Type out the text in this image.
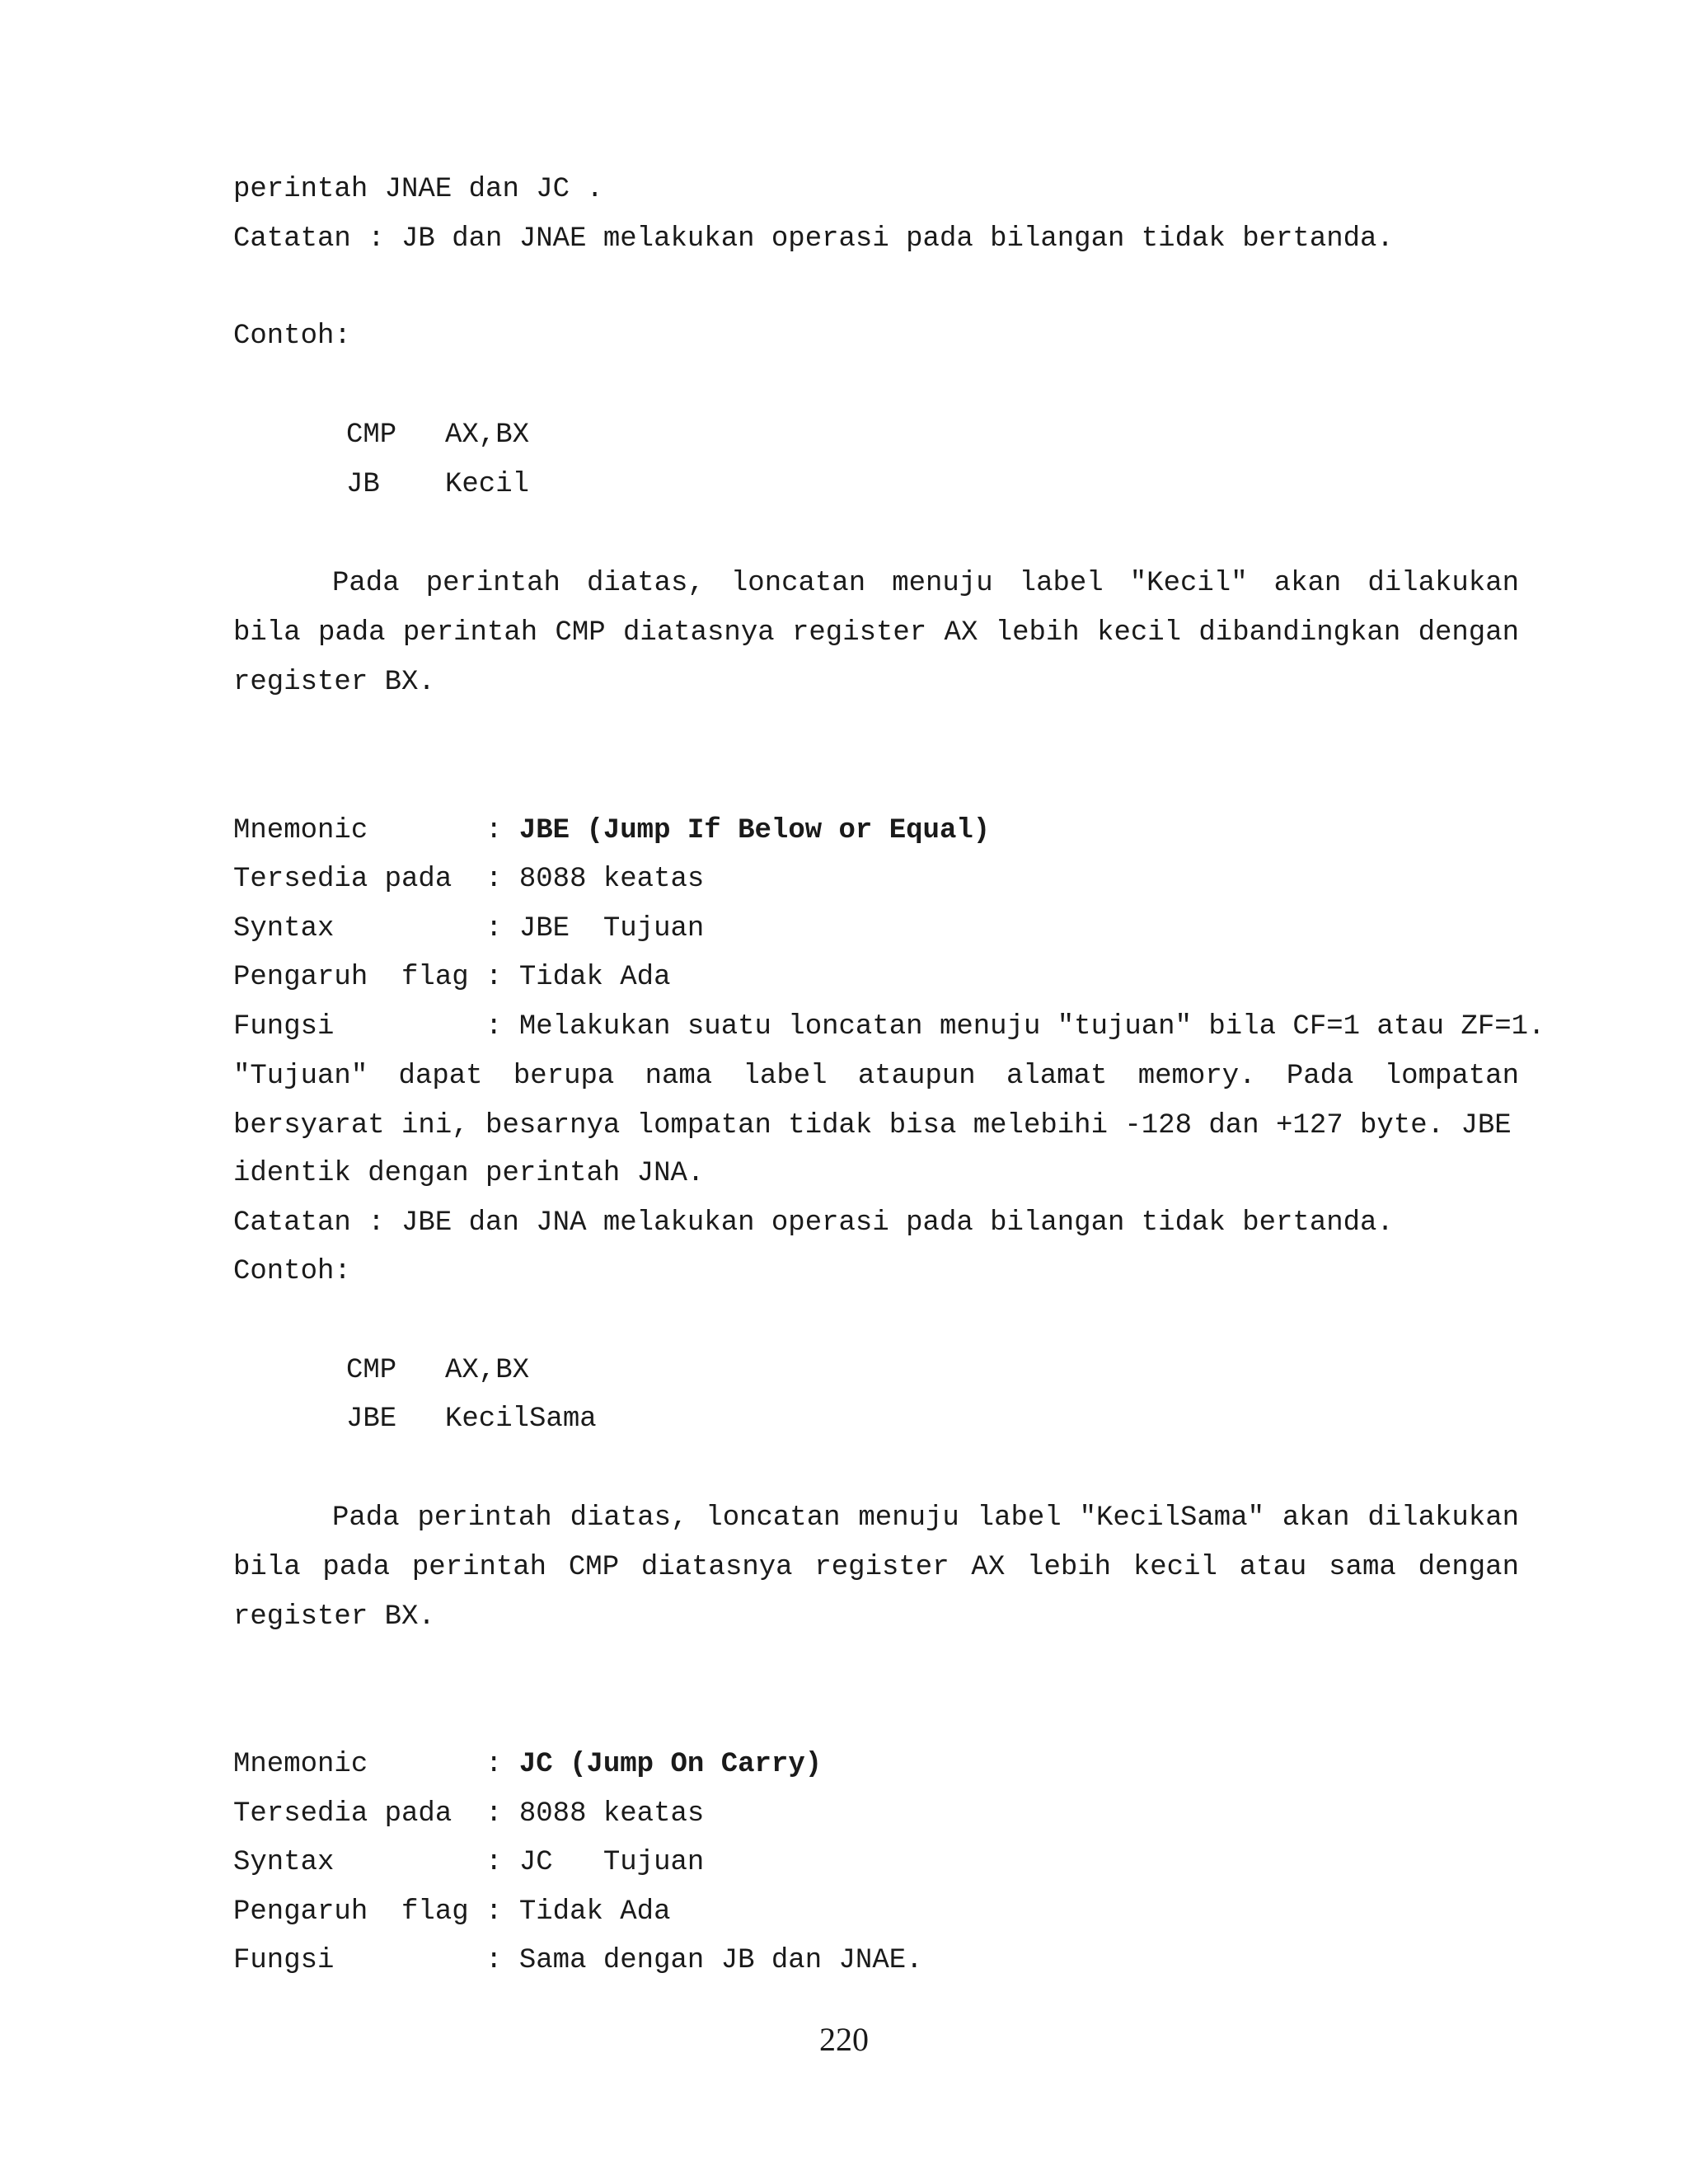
perintah JNAE dan JC .
Catatan : JB dan JNAE melakukan operasi pada bilangan tidak bertanda.
Contoh:
CMP AX,BX
JB Kecil
Pada perintah diatas, loncatan menuju label "Kecil" akan dilakukan bila pada perintah CMP diatasnya register AX lebih kecil dibandingkan dengan register BX.
Mnemonic       : JBE (Jump If Below or Equal)
Tersedia pada  : 8088 keatas
Syntax         : JBE  Tujuan
Pengaruh  flag : Tidak Ada
Fungsi         : Melakukan suatu loncatan menuju "tujuan" bila CF=1 atau ZF=1.
"Tujuan" dapat berupa nama label ataupun alamat memory. Pada lompatan bersyarat ini, besarnya lompatan tidak bisa melebihi -128 dan +127 byte. JBE
identik dengan perintah JNA.
Catatan : JBE dan JNA melakukan operasi pada bilangan tidak bertanda.
Contoh:
CMP AX,BX
JBE KecilSama
Pada perintah diatas, loncatan menuju label "KecilSama" akan dilakukan bila pada perintah CMP diatasnya register AX lebih kecil atau sama dengan register BX.
Mnemonic       : JC (Jump On Carry)
Tersedia pada  : 8088 keatas
Syntax         : JC   Tujuan
Pengaruh  flag : Tidak Ada
Fungsi         : Sama dengan JB dan JNAE.
220
